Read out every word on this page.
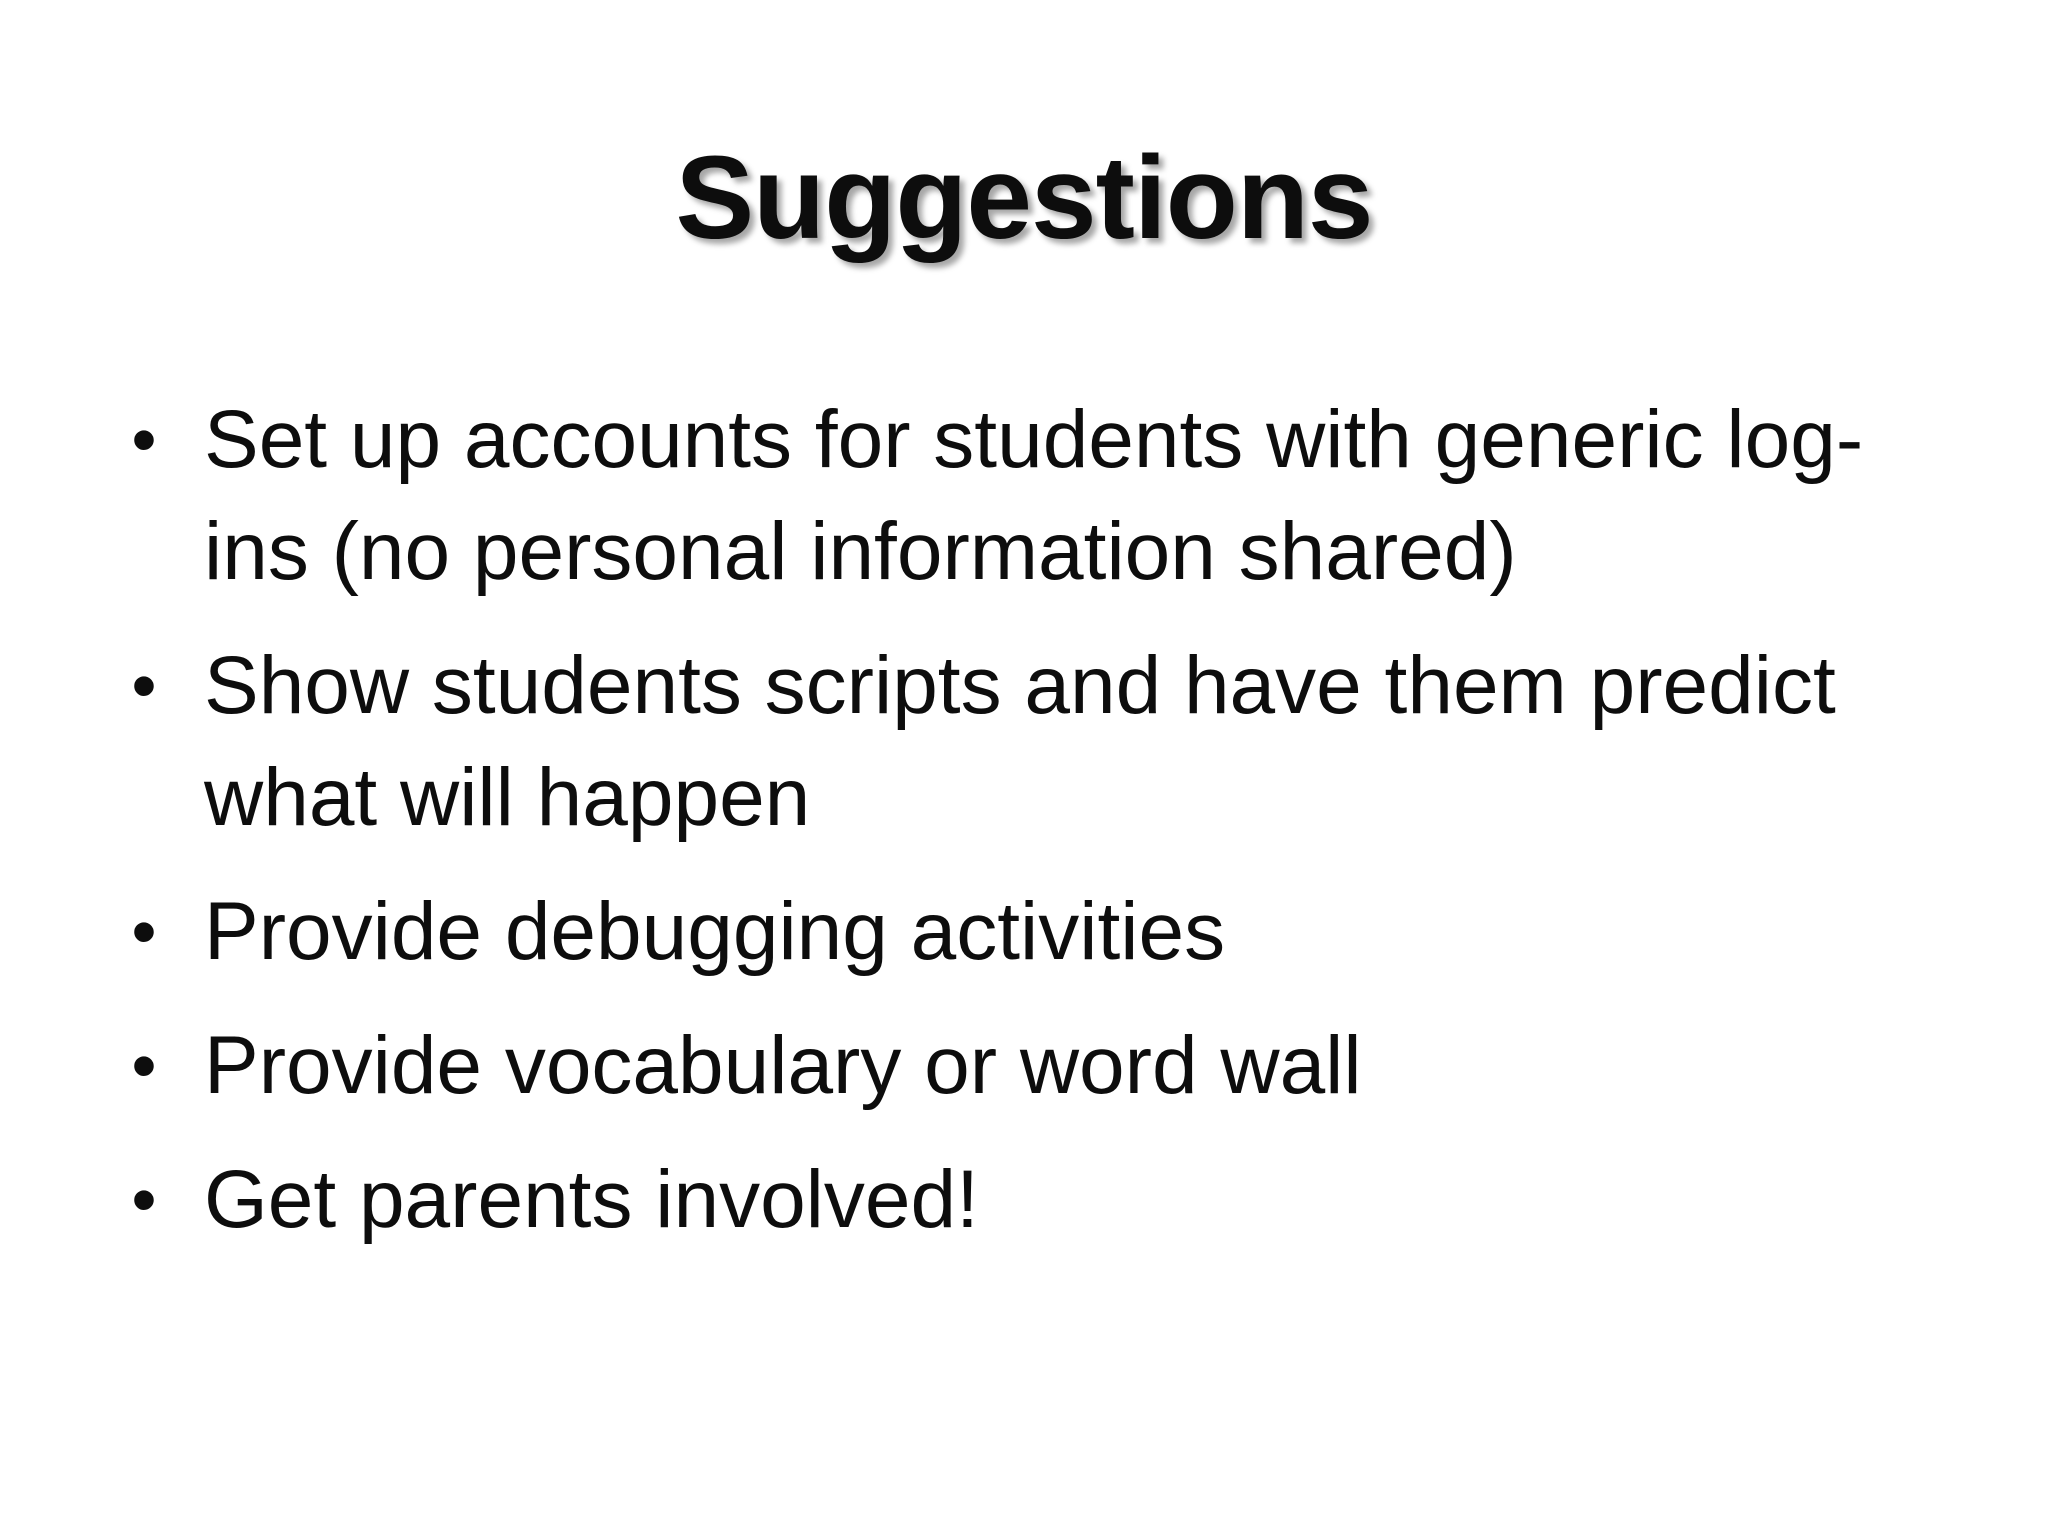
Suggestions
• Set up accounts for students with generic log-ins (no personal information shared)
• Show students scripts and have them predict what will happen
• Provide debugging activities
• Provide vocabulary or word wall
• Get parents involved!
